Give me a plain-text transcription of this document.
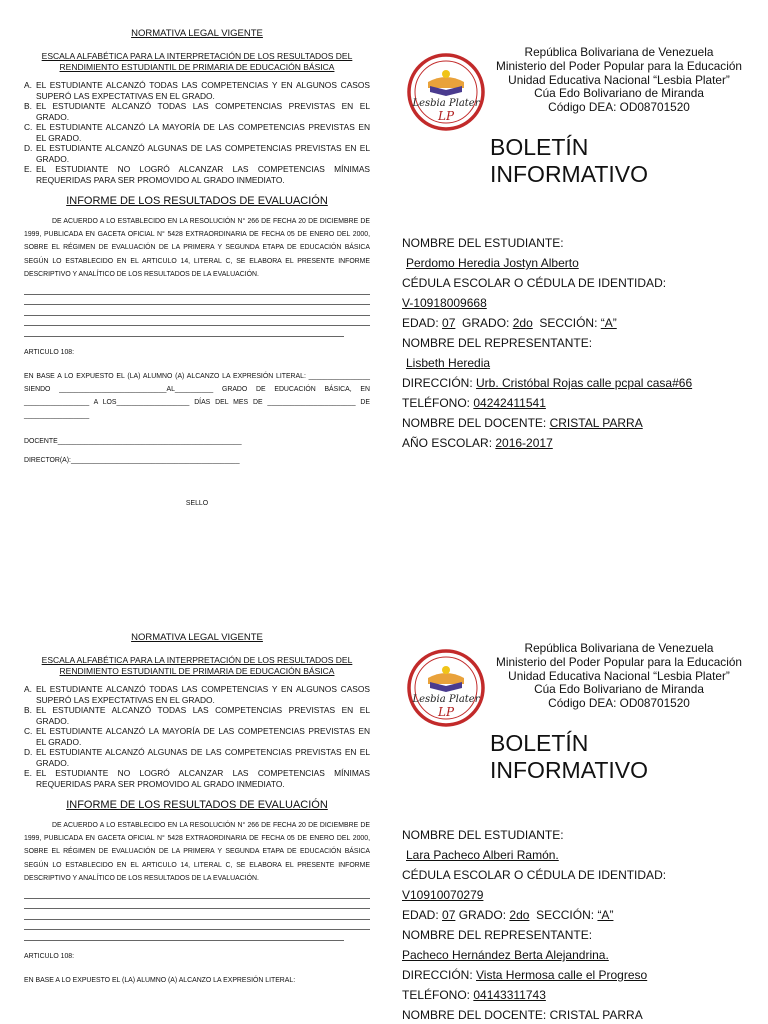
NORMATIVA LEGAL VIGENTE
ESCALA ALFABÉTICA PARA LA INTERPRETACIÓN DE LOS RESULTADOS DEL
RENDIMIENTO ESTUDIANTIL DE PRIMARIA DE EDUCACIÓN BÁSICA
A. EL ESTUDIANTE ALCANZÓ TODAS LAS COMPETENCIAS Y EN ALGUNOS CASOS SUPERÓ LAS EXPECTATIVAS EN EL GRADO.
B. EL ESTUDIANTE ALCANZÓ TODAS LAS COMPETENCIAS PREVISTAS EN EL GRADO.
C. EL ESTUDIANTE ALCANZÓ LA MAYORÍA DE LAS COMPETENCIAS PREVISTAS EN EL GRADO.
D. EL ESTUDIANTE ALCANZÓ ALGUNAS DE LAS COMPETENCIAS PREVISTAS EN EL GRADO.
E. EL ESTUDIANTE NO LOGRÓ ALCANZAR LAS COMPETENCIAS MÍNIMAS REQUERIDAS PARA SER PROMOVIDO AL GRADO INMEDIATO.
INFORME DE LOS RESULTADOS DE EVALUACIÓN
DE ACUERDO A LO ESTABLECIDO EN LA RESOLUCIÓN N° 266 DE FECHA 20 DE DICIEMBRE DE 1999, PUBLICADA EN GACETA OFICIAL N° 5428 EXTRAORDINARIA DE FECHA 05 DE ENERO DEL 2000, SOBRE EL RÉGIMEN DE EVALUACIÓN DE LA PRIMERA Y SEGUNDA ETAPA DE EDUCACIÓN BÁSICA SEGÚN LO ESTABLECIDO EN EL ARTICULO 14, LITERAL C, SE ELABORA EL PRESENTE INFORME DESCRIPTIVO Y ANALÍTICO DE LOS RESULTADOS DE LA EVALUACIÓN.
ARTICULO 108:
EN BASE A LO EXPUESTO EL (LA) ALUMNO (A) ALCANZO LA EXPRESIÓN LITERAL: ________________ SIENDO ____________________________AL__________ GRADO DE EDUCACIÓN BÁSICA, EN _________________ A LOS___________________ DÍAS DEL MES DE _______________________ DE _________________
DOCENTE________________________________________________
DIRECTOR(A):____________________________________________
SELLO
Lesbia Plater
LP
República Bolivariana de Venezuela
Ministerio del Poder Popular para la Educación
Unidad Educativa Nacional “Lesbia Plater”
Cúa Edo Bolivariano de Miranda
Código DEA: OD08701520
BOLETÍN
INFORMATIVO
NOMBRE DEL ESTUDIANTE:
Perdomo Heredia Jostyn Alberto
CÉDULA ESCOLAR O CÉDULA DE IDENTIDAD:
V-10918009668
EDAD: 07  GRADO: 2do  SECCIÓN: “A”
NOMBRE DEL REPRESENTANTE:
Lisbeth Heredia
DIRECCIÓN: Urb. Cristóbal Rojas calle pcpal casa#66
TELÉFONO: 04242411541
NOMBRE DEL DOCENTE: CRISTAL PARRA
AÑO ESCOLAR: 2016-2017
NORMATIVA LEGAL VIGENTE
ESCALA ALFABÉTICA PARA LA INTERPRETACIÓN DE LOS RESULTADOS DEL
RENDIMIENTO ESTUDIANTIL DE PRIMARIA DE EDUCACIÓN BÁSICA
A. EL ESTUDIANTE ALCANZÓ TODAS LAS COMPETENCIAS Y EN ALGUNOS CASOS SUPERÓ LAS EXPECTATIVAS EN EL GRADO.
B. EL ESTUDIANTE ALCANZÓ TODAS LAS COMPETENCIAS PREVISTAS EN EL GRADO.
C. EL ESTUDIANTE ALCANZÓ LA MAYORÍA DE LAS COMPETENCIAS PREVISTAS EN EL GRADO.
D. EL ESTUDIANTE ALCANZÓ ALGUNAS DE LAS COMPETENCIAS PREVISTAS EN EL GRADO.
E. EL ESTUDIANTE NO LOGRÓ ALCANZAR LAS COMPETENCIAS MÍNIMAS REQUERIDAS PARA SER PROMOVIDO AL GRADO INMEDIATO.
INFORME DE LOS RESULTADOS DE EVALUACIÓN
DE ACUERDO A LO ESTABLECIDO EN LA RESOLUCIÓN N° 266 DE FECHA 20 DE DICIEMBRE DE 1999, PUBLICADA EN GACETA OFICIAL N° 5428 EXTRAORDINARIA DE FECHA 05 DE ENERO DEL 2000, SOBRE EL RÉGIMEN DE EVALUACIÓN DE LA PRIMERA Y SEGUNDA ETAPA DE EDUCACIÓN BÁSICA SEGÚN LO ESTABLECIDO EN EL ARTICULO 14, LITERAL C, SE ELABORA EL PRESENTE INFORME DESCRIPTIVO Y ANALÍTICO DE LOS RESULTADOS DE LA EVALUACIÓN.
ARTICULO 108:
EN BASE A LO EXPUESTO EL (LA) ALUMNO (A) ALCANZO LA EXPRESIÓN LITERAL:
Lesbia Plater
LP
República Bolivariana de Venezuela
Ministerio del Poder Popular para la Educación
Unidad Educativa Nacional “Lesbia Plater”
Cúa Edo Bolivariano de Miranda
Código DEA: OD08701520
BOLETÍN
INFORMATIVO
NOMBRE DEL ESTUDIANTE:
Lara Pacheco Alberi Ramón.
CÉDULA ESCOLAR O CÉDULA DE IDENTIDAD:
V10910070279
EDAD: 07 GRADO: 2do  SECCIÓN: “A”
NOMBRE DEL REPRESENTANTE:
Pacheco Hernández Berta Alejandrina.
DIRECCIÓN: Vista Hermosa calle el Progreso
TELÉFONO: 04143311743
NOMBRE DEL DOCENTE: CRISTAL PARRA
